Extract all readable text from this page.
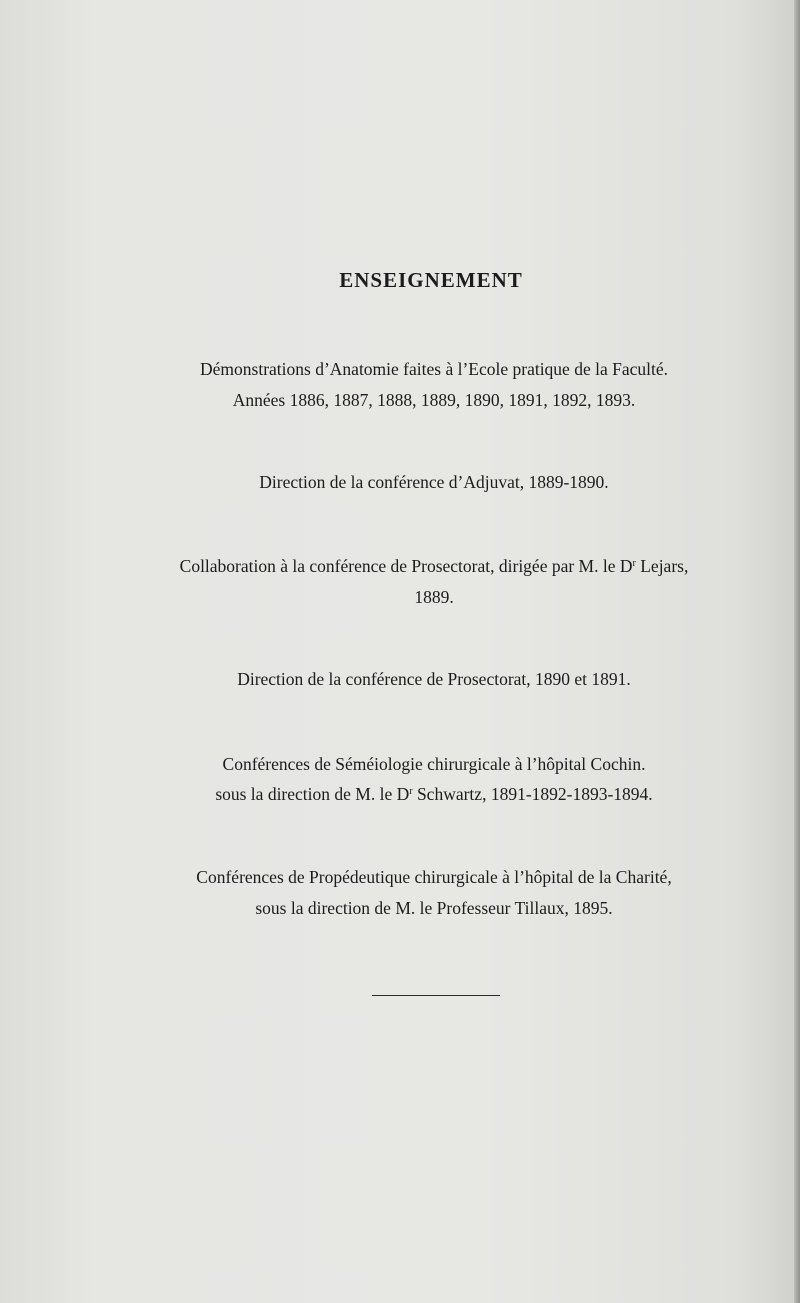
ENSEIGNEMENT
Démonstrations d’Anatomie faites à l’Ecole pratique de la Faculté.
Années 1886, 1887, 1888, 1889, 1890, 1891, 1892, 1893.
Direction de la conférence d’Adjuvat, 1889-1890.
Collaboration à la conférence de Prosectorat, dirigée par M. le $D^r$ Lejars,
1889.
Direction de la conférence de Prosectorat, 1890 et 1891.
Conférences de Séméiologie chirurgicale à l’hôpital Cochin.
sous la direction de M. le $D^r$ Schwartz, 1891-1892-1893-1894.
Conférences de Propédeutique chirurgicale à l’hôpital de la Charité,
sous la direction de M. le Professeur Tillaux, 1895.
